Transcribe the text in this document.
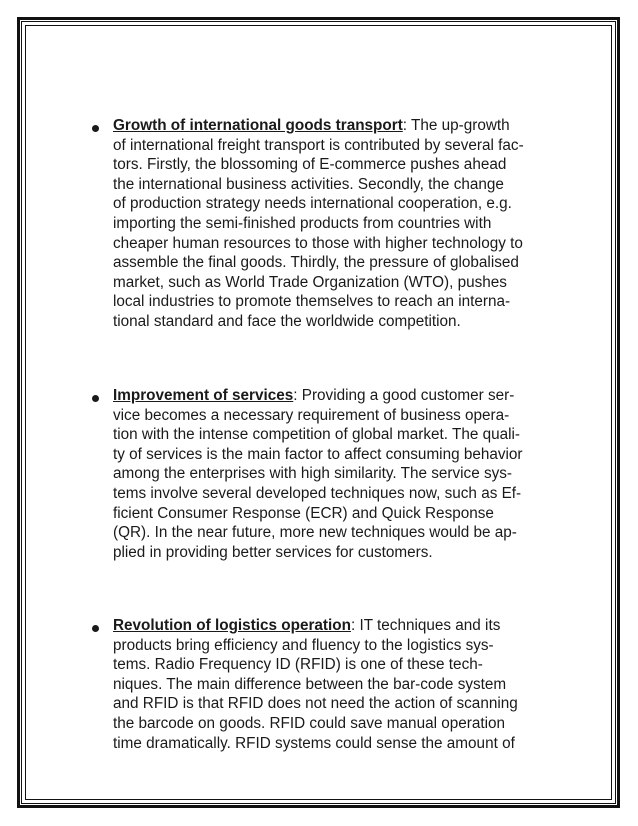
Growth of international goods transport: The up-growth
of international freight transport is contributed by several fac-
tors. Firstly, the blossoming of E-commerce pushes ahead
the international business activities. Secondly, the change
of production strategy needs international cooperation, e.g.
importing the semi-finished products from countries with
cheaper human resources to those with higher technology to
assemble the final goods. Thirdly, the pressure of globalised
market, such as World Trade Organization (WTO), pushes
local industries to promote themselves to reach an interna-
tional standard and face the worldwide competition.
Improvement of services: Providing a good customer ser-
vice becomes a necessary requirement of business opera-
tion with the intense competition of global market. The quali-
ty of services is the main factor to affect consuming behavior
among the enterprises with high similarity. The service sys-
tems involve several developed techniques now, such as Ef-
ficient Consumer Response (ECR) and Quick Response
(QR). In the near future, more new techniques would be ap-
plied in providing better services for customers.
Revolution of logistics operation: IT techniques and its
products bring efficiency and fluency to the logistics sys-
tems. Radio Frequency ID (RFID) is one of these tech-
niques. The main difference between the bar-code system
and RFID is that RFID does not need the action of scanning
the barcode on goods. RFID could save manual operation
time dramatically. RFID systems could sense the amount of
